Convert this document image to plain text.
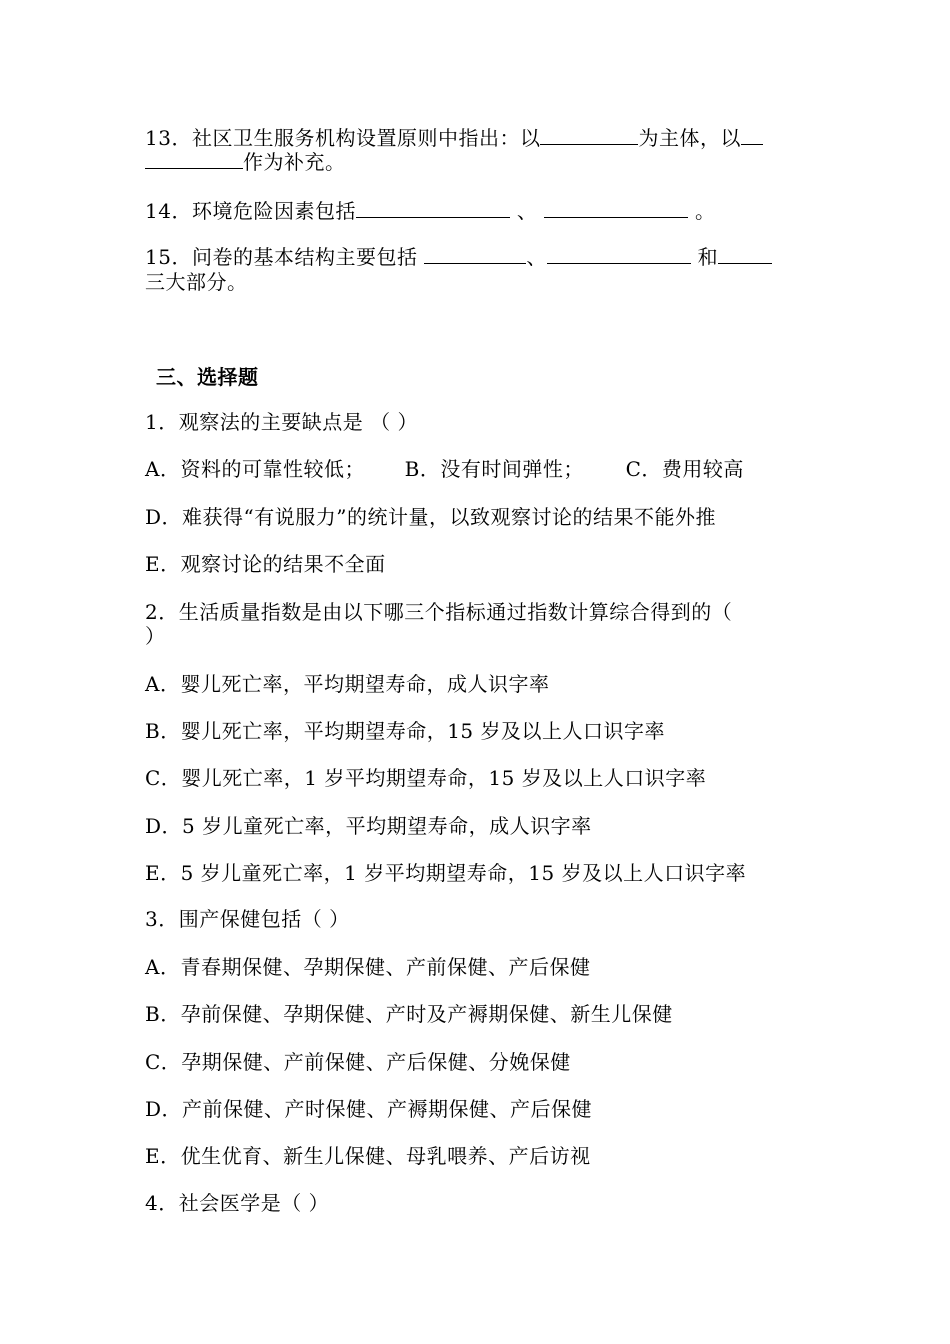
13．社区卫生服务机构设置原则中指出：以	为主体，以
作为补充。
14．环境危险因素包括	、	。
15．问卷的基本结构主要包括	、	和
三大部分。
三、选择题
1．观察法的主要缺点是 （ ）
A．资料的可靠性较低； B．没有时间弹性； C．费用较高
D．难获得“有说服力”的统计量，以致观察讨论的结果不能外推
E．观察讨论的结果不全面
2．生活质量指数是由以下哪三个指标通过指数计算综合得到的（
）
A．婴儿死亡率，平均期望寿命，成人识字率
B．婴儿死亡率，平均期望寿命，15 岁及以上人口识字率
C．婴儿死亡率，1 岁平均期望寿命，15 岁及以上人口识字率
D．5 岁儿童死亡率，平均期望寿命，成人识字率
E．5 岁儿童死亡率，1 岁平均期望寿命，15 岁及以上人口识字率
3．围产保健包括（ ）
A．青春期保健、孕期保健、产前保健、产后保健
B．孕前保健、孕期保健、产时及产褥期保健、新生儿保健
C．孕期保健、产前保健、产后保健、分娩保健
D．产前保健、产时保健、产褥期保健、产后保健
E．优生优育、新生儿保健、母乳喂养、产后访视
4．社会医学是（ ）
